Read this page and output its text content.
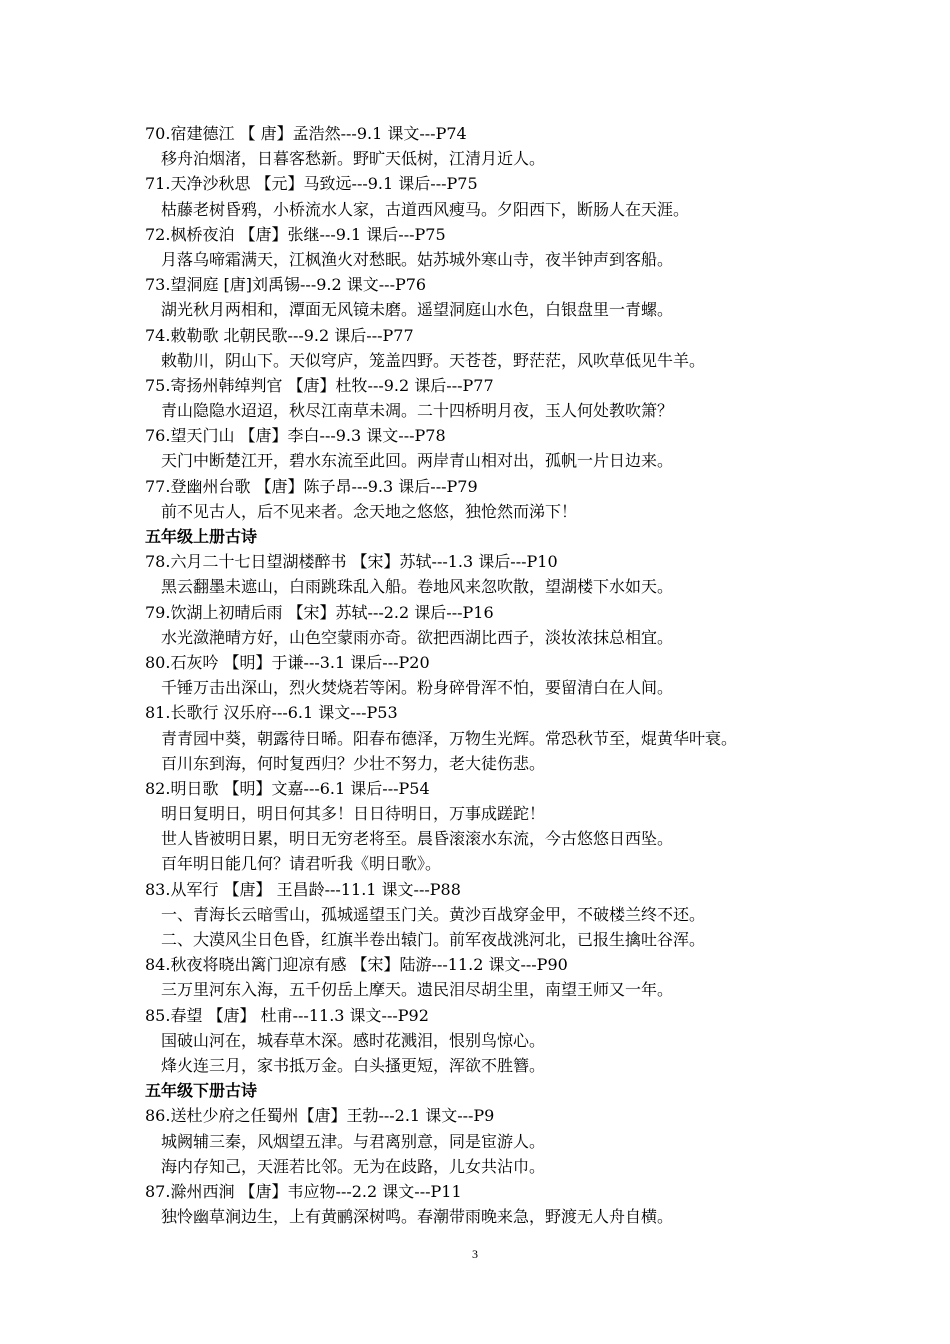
70.宿建德江 【 唐】孟浩然---9.1 课文---P74
移舟泊烟渚，日暮客愁新。野旷天低树，江清月近人。
71.天净沙秋思 【元】马致远---9.1 课后---P75
枯藤老树昏鸦，小桥流水人家，古道西风瘦马。夕阳西下，断肠人在天涯。
72.枫桥夜泊 【唐】张继---9.1 课后---P75
月落乌啼霜满天，江枫渔火对愁眠。姑苏城外寒山寺，夜半钟声到客船。
73.望洞庭 [唐]刘禹锡---9.2 课文---P76
湖光秋月两相和，潭面无风镜未磨。遥望洞庭山水色，白银盘里一青螺。
74.敕勒歌 北朝民歌---9.2 课后---P77
敕勒川，阴山下。天似穹庐，笼盖四野。天苍苍，野茫茫，风吹草低见牛羊。
75.寄扬州韩绰判官 【唐】杜牧---9.2 课后---P77
青山隐隐水迢迢，秋尽江南草未凋。二十四桥明月夜，玉人何处教吹箫？
76.望天门山 【唐】李白---9.3 课文---P78
天门中断楚江开，碧水东流至此回。两岸青山相对出，孤帆一片日边来。
77.登幽州台歌 【唐】陈子昂---9.3 课后---P79
前不见古人，后不见来者。念天地之悠悠，独怆然而涕下！
五年级上册古诗
78.六月二十七日望湖楼醉书 【宋】苏轼---1.3 课后---P10
黑云翻墨未遮山，白雨跳珠乱入船。卷地风来忽吹散，望湖楼下水如天。
79.饮湖上初晴后雨 【宋】苏轼---2.2 课后---P16
水光潋滟晴方好，山色空蒙雨亦奇。欲把西湖比西子，淡妆浓抹总相宜。
80.石灰吟 【明】于谦---3.1 课后---P20
千锤万击出深山，烈火焚烧若等闲。粉身碎骨浑不怕，要留清白在人间。
81.长歌行 汉乐府---6.1 课文---P53
青青园中葵，朝露待日晞。阳春布德泽，万物生光辉。常恐秋节至，焜黄华叶衰。
百川东到海，何时复西归？少壮不努力，老大徒伤悲。
82.明日歌 【明】文嘉---6.1 课后---P54
明日复明日，明日何其多！日日待明日，万事成蹉跎！
世人皆被明日累，明日无穷老将至。晨昏滚滚水东流，今古悠悠日西坠。
百年明日能几何？请君听我《明日歌》。
83.从军行 【唐】 王昌龄---11.1 课文---P88
一、青海长云暗雪山，孤城遥望玉门关。黄沙百战穿金甲，不破楼兰终不还。
二、大漠风尘日色昏，红旗半卷出辕门。前军夜战洮河北，已报生擒吐谷浑。
84.秋夜将晓出篱门迎凉有感 【宋】陆游---11.2 课文---P90
三万里河东入海，五千仞岳上摩天。遗民泪尽胡尘里，南望王师又一年。
85.春望 【唐】 杜甫---11.3 课文---P92
国破山河在，城春草木深。感时花溅泪，恨别鸟惊心。
烽火连三月，家书抵万金。白头搔更短，浑欲不胜簪。
五年级下册古诗
86.送杜少府之任蜀州【唐】王勃---2.1 课文---P9
城阙辅三秦，风烟望五津。与君离别意，同是宦游人。
海内存知己，天涯若比邻。无为在歧路，儿女共沾巾。
87.滁州西涧 【唐】韦应物---2.2 课文---P11
独怜幽草涧边生，上有黄鹂深树鸣。春潮带雨晚来急，野渡无人舟自横。
3
